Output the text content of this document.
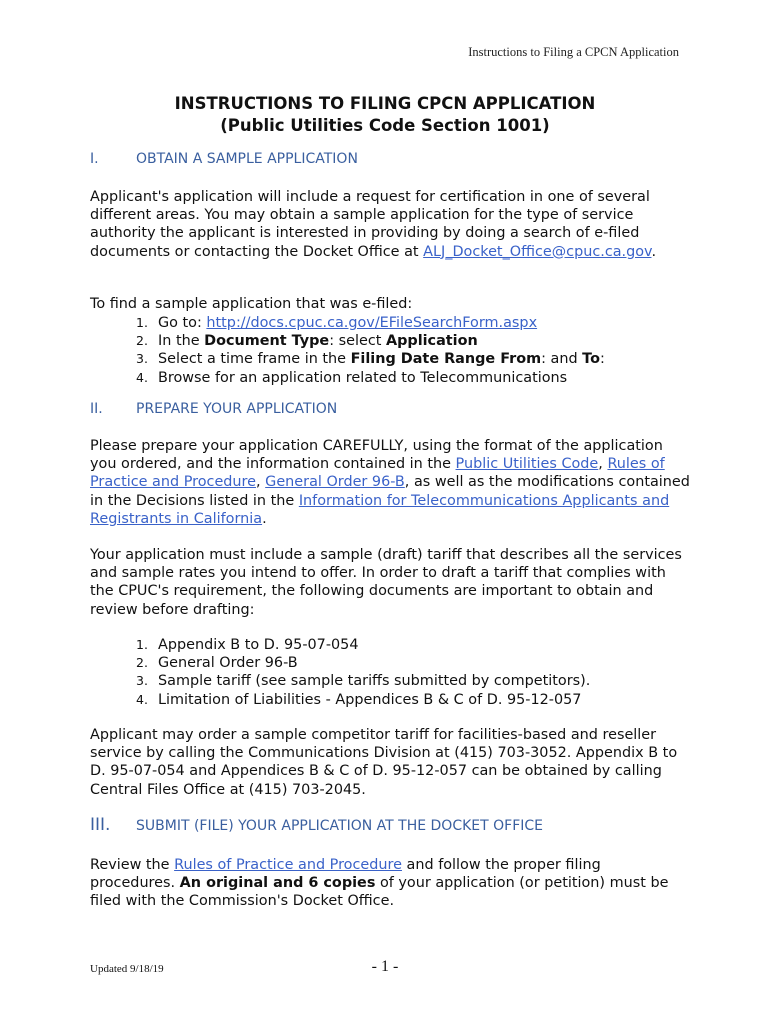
Instructions to Filing a CPCN Application
INSTRUCTIONS TO FILING CPCN APPLICATION
(Public Utilities Code Section 1001)
I.	OBTAIN A SAMPLE APPLICATION
Applicant's application will include a request for certification in one of several different areas. You may obtain a sample application for the type of service authority the applicant is interested in providing by doing a search of e-filed documents or contacting the Docket Office at ALJ_Docket_Office@cpuc.ca.gov.
To find a sample application that was e-filed:
1. Go to: http://docs.cpuc.ca.gov/EFileSearchForm.aspx
2. In the Document Type: select Application
3. Select a time frame in the Filing Date Range From: and To:
4. Browse for an application related to Telecommunications
II. PREPARE YOUR APPLICATION
Please prepare your application CAREFULLY, using the format of the application you ordered, and the information contained in the Public Utilities Code, Rules of Practice and Procedure, General Order 96-B, as well as the modifications contained in the Decisions listed in the Information for Telecommunications Applicants and Registrants in California.
Your application must include a sample (draft) tariff that describes all the services and sample rates you intend to offer. In order to draft a tariff that complies with the CPUC's requirement, the following documents are important to obtain and review before drafting:
1. Appendix B to D. 95-07-054
2. General Order 96-B
3. Sample tariff (see sample tariffs submitted by competitors).
4. Limitation of Liabilities - Appendices B & C of D. 95-12-057
Applicant may order a sample competitor tariff for facilities-based and reseller service by calling the Communications Division at (415) 703-3052. Appendix B to D. 95-07-054 and Appendices B & C of D. 95-12-057 can be obtained by calling Central Files Office at (415) 703-2045.
III. SUBMIT (FILE) YOUR APPLICATION AT THE DOCKET OFFICE
Review the Rules of Practice and Procedure and follow the proper filing procedures. An original and 6 copies of your application (or petition) must be filed with the Commission's Docket Office.
Updated 9/18/19	- 1 -
